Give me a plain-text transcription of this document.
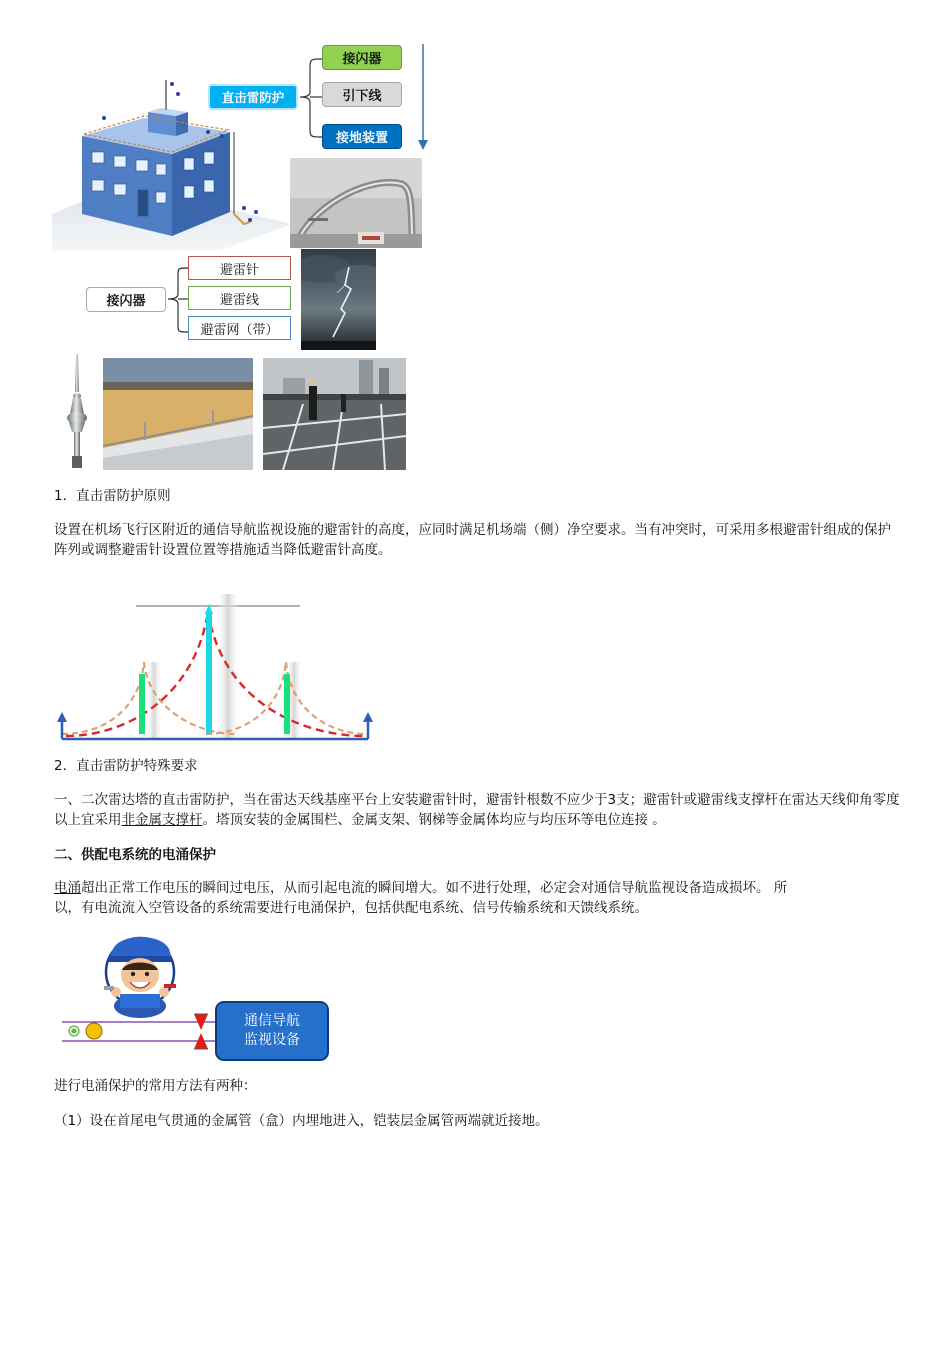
直击雷防护
接闪器
引下线
接地装置
接闪器
避雷针
避雷线
避雷网（带）
1．直击雷防护原则
设置在机场飞行区附近的通信导航监视设施的避雷针的高度，应同时满足机场端（侧）净空要求。当有冲突时，可采用多根避雷针组成的保护阵列或调整避雷针设置位置等措施适当降低避雷针高度。
2．直击雷防护特殊要求
一、二次雷达塔的直击雷防护，当在雷达天线基座平台上安装避雷针时，避雷针根数不应少于3支；避雷针或避雷线支撑杆在雷达天线仰角零度以上宜采用非金属支撑杆。塔顶安装的金属围栏、金属支架、钢梯等金属体均应与均压环等电位连接 。
二、供配电系统的电涌保护
电涌超出正常工作电压的瞬间过电压，从而引起电流的瞬间增大。如不进行处理，必定会对通信导航监视设备造成损坏。 所
以，有电流流入空管设备的系统需要进行电涌保护，包括供配电系统、信号传输系统和天馈线系统。
通信导航
监视设备
进行电涌保护的常用方法有两种：
（1）设在首尾电气贯通的金属管（盒）内埋地进入，铠装层金属管两端就近接地。
